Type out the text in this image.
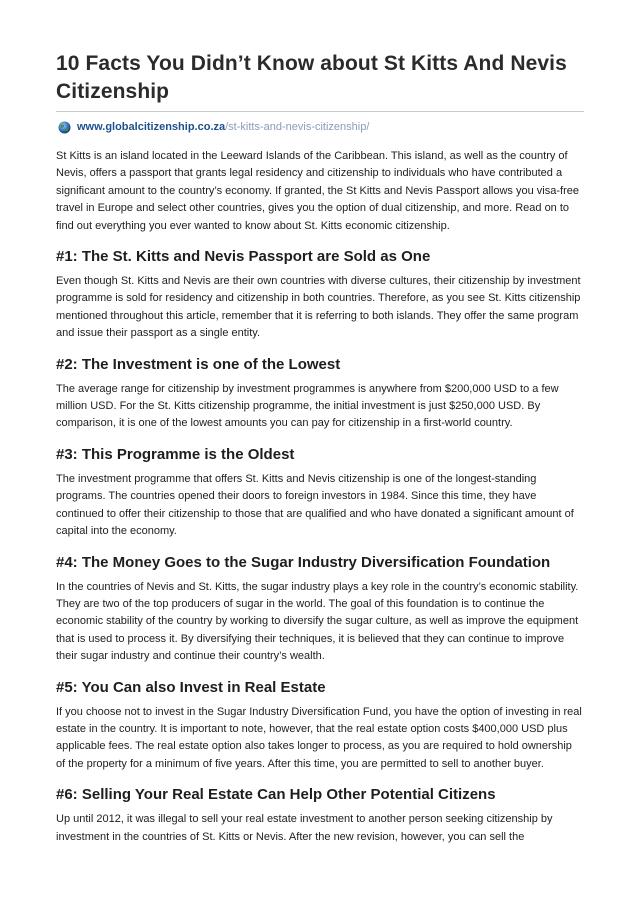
10 Facts You Didn’t Know about St Kitts And Nevis Citizenship
www.globalcitizenship.co.za /st-kitts-and-nevis-citizenship/

St Kitts is an island located in the Leeward Islands of the Caribbean. This island, as well as the country of Nevis, offers a passport that grants legal residency and citizenship to individuals who have contributed a significant amount to the country’s economy. If granted, the St Kitts and Nevis Passport allows you visa-free travel in Europe and select other countries, gives you the option of dual citizenship, and more. Read on to find out everything you ever wanted to know about St. Kitts economic citizenship.

#1: The St. Kitts and Nevis Passport are Sold as One

Even though St. Kitts and Nevis are their own countries with diverse cultures, their citizenship by investment programme is sold for residency and citizenship in both countries. Therefore, as you see St. Kitts citizenship mentioned throughout this article, remember that it is referring to both islands. They offer the same program and issue their passport as a single entity.

#2: The Investment is one of the Lowest

The average range for citizenship by investment programmes is anywhere from $200,000 USD to a few million USD. For the St. Kitts citizenship programme, the initial investment is just $250,000 USD. By comparison, it is one of the lowest amounts you can pay for citizenship in a first-world country.

#3: This Programme is the Oldest

The investment programme that offers St. Kitts and Nevis citizenship is one of the longest-standing programs. The countries opened their doors to foreign investors in 1984. Since this time, they have continued to offer their citizenship to those that are qualified and who have donated a significant amount of capital into the economy.

#4: The Money Goes to the Sugar Industry Diversification Foundation

In the countries of Nevis and St. Kitts, the sugar industry plays a key role in the country’s economic stability. They are two of the top producers of sugar in the world. The goal of this foundation is to continue the economic stability of the country by working to diversify the sugar culture, as well as improve the equipment that is used to process it. By diversifying their techniques, it is believed that they can continue to improve their sugar industry and continue their country’s wealth.

#5: You Can also Invest in Real Estate

If you choose not to invest in the Sugar Industry Diversification Fund, you have the option of investing in real estate in the country. It is important to note, however, that the real estate option costs $400,000 USD plus applicable fees. The real estate option also takes longer to process, as you are required to hold ownership of the property for a minimum of five years. After this time, you are permitted to sell to another buyer.

#6: Selling Your Real Estate Can Help Other Potential Citizens

Up until 2012, it was illegal to sell your real estate investment to another person seeking citizenship by investment in the countries of St. Kitts or Nevis. After the new revision, however, you can sell the
